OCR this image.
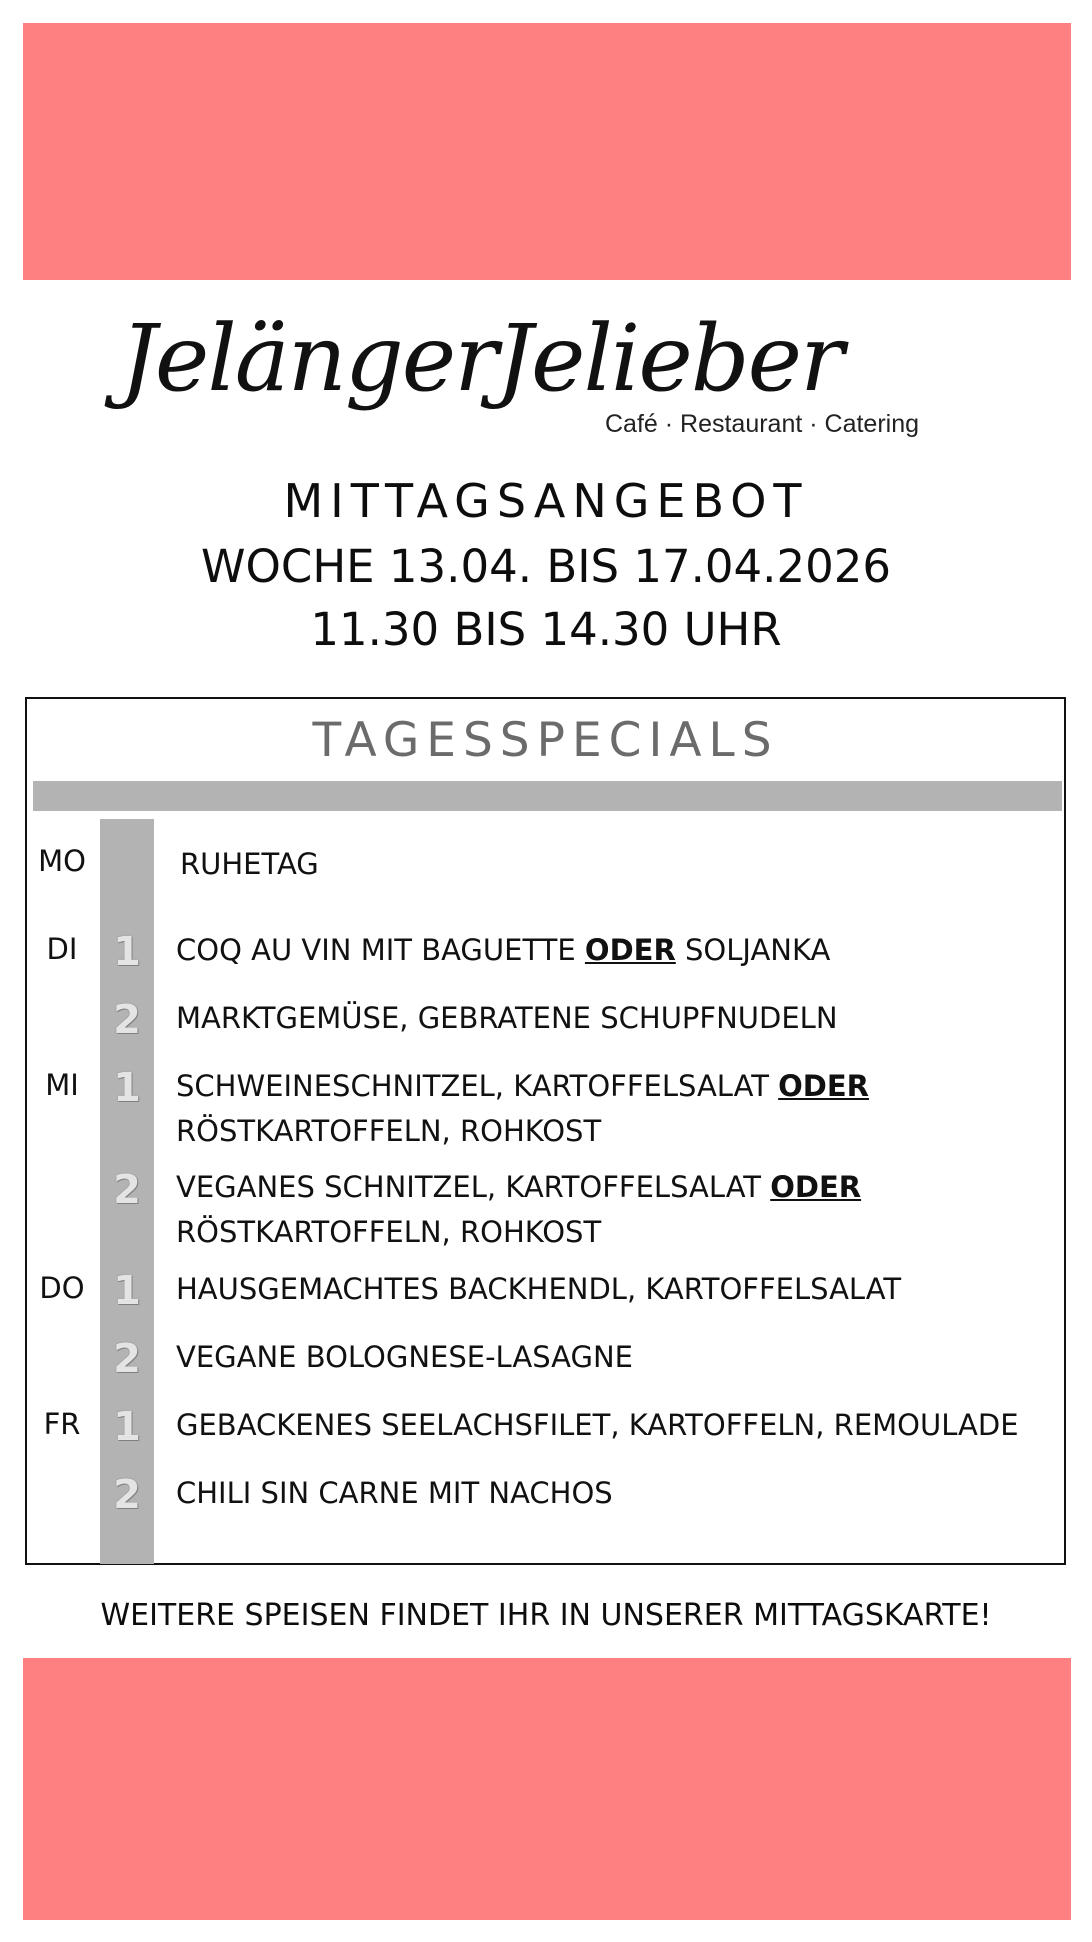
JelängerJelieber
Café · Restaurant · Catering
MITTAGSANGEBOT
WOCHE 13.04. BIS 17.04.2026
11.30 BIS 14.30 UHR
TAGESSPECIALS
MO	RUHETAG
DI 1	COQ AU VIN MIT BAGUETTE ODER SOLJANKA
2	MARKTGEMÜSE, GEBRATENE SCHUPFNUDELN
MI 1	SCHWEINESCHNITZEL, KARTOFFELSALAT ODER
RÖSTKARTOFFELN, ROHKOST
2	VEGANES SCHNITZEL, KARTOFFELSALAT ODER
RÖSTKARTOFFELN, ROHKOST
DO 1	HAUSGEMACHTES BACKHENDL, KARTOFFELSALAT
2	VEGANE BOLOGNESE-LASAGNE
FR 1	GEBACKENES SEELACHSFILET, KARTOFFELN, REMOULADE
2	CHILI SIN CARNE MIT NACHOS
WEITERE SPEISEN FINDET IHR IN UNSERER MITTAGSKARTE!
